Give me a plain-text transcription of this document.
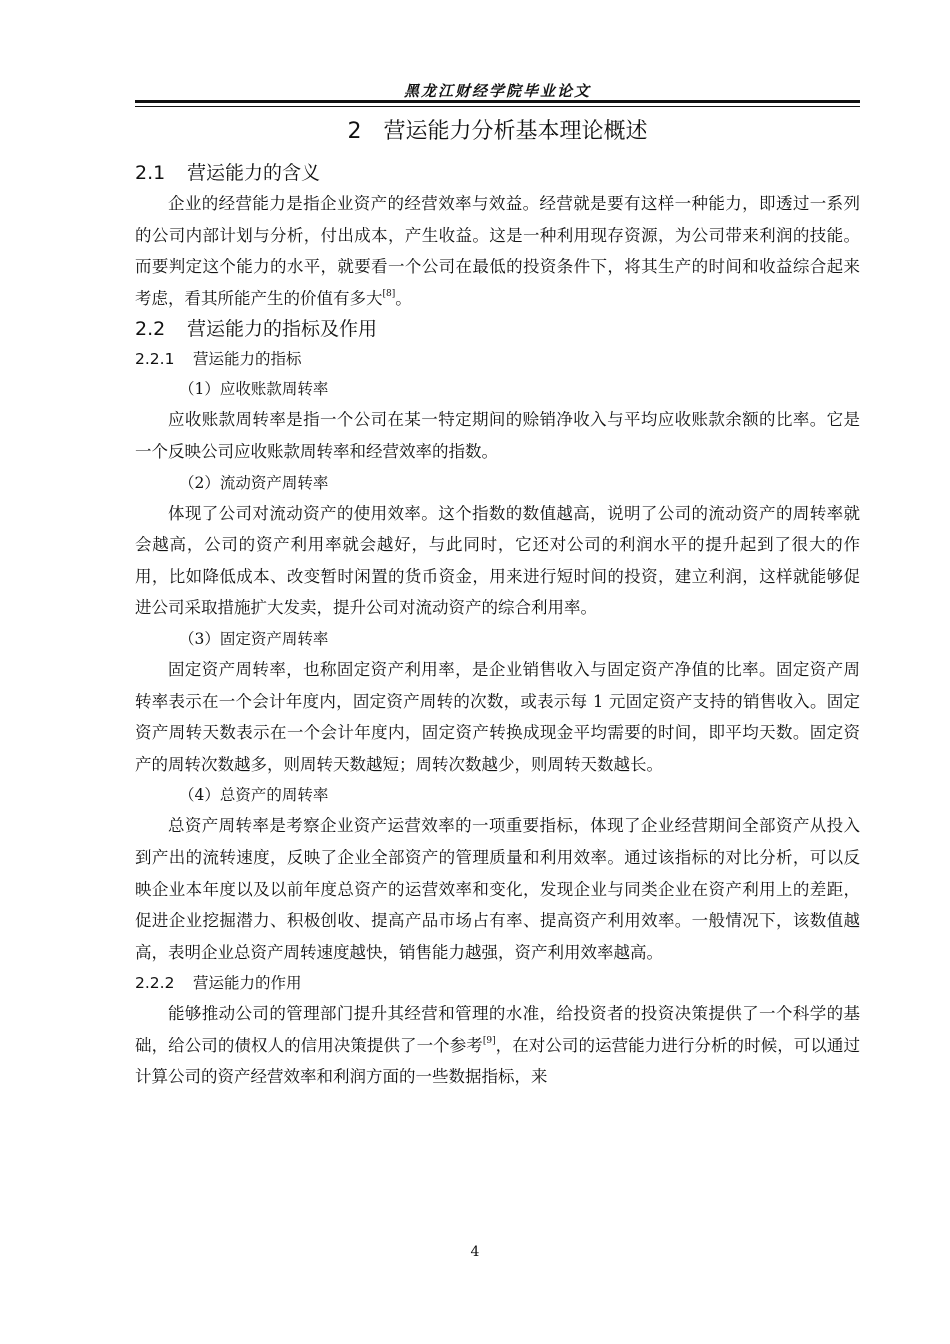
黑龙江财经学院毕业论文
2 营运能力分析基本理论概述
2.1 营运能力的含义

企业的经营能力是指企业资产的经营效率与效益。经营就是要有这样一种能力，即透过一系列的公司内部计划与分析，付出成本，产生收益。这是一种利用现存资源，为公司带来利润的技能。而要判定这个能力的水平，就要看一个公司在最低的投资条件下，将其生产的时间和收益综合起来考虑，看其所能产生的价值有多大[8]。

2.2 营运能力的指标及作用
2.2.1 营运能力的指标
（1）应收账款周转率

应收账款周转率是指一个公司在某一特定期间的赊销净收入与平均应收账款余额的比率。它是一个反映公司应收账款周转率和经营效率的指数。

（2）流动资产周转率

体现了公司对流动资产的使用效率。这个指数的数值越高，说明了公司的流动资产的周转率就会越高，公司的资产利用率就会越好，与此同时，它还对公司的利润水平的提升起到了很大的作用，比如降低成本、改变暂时闲置的货币资金，用来进行短时间的投资，建立利润，这样就能够促进公司采取措施扩大发卖，提升公司对流动资产的综合利用率。

（3）固定资产周转率

固定资产周转率，也称固定资产利用率，是企业销售收入与固定资产净值的比率。固定资产周转率表示在一个会计年度内，固定资产周转的次数，或表示每 1 元固定资产支持的销售收入。固定资产周转天数表示在一个会计年度内，固定资产转换成现金平均需要的时间，即平均天数。固定资产的周转次数越多，则周转天数越短；周转次数越少，则周转天数越长。

（4）总资产的周转率

总资产周转率是考察企业资产运营效率的一项重要指标，体现了企业经营期间全部资产从投入到产出的流转速度，反映了企业全部资产的管理质量和利用效率。通过该指标的对比分析，可以反映企业本年度以及以前年度总资产的运营效率和变化，发现企业与同类企业在资产利用上的差距，促进企业挖掘潜力、积极创收、提高产品市场占有率、提高资产利用效率。一般情况下，该数值越高，表明企业总资产周转速度越快，销售能力越强，资产利用效率越高。

2.2.2 营运能力的作用

能够推动公司的管理部门提升其经营和管理的水准，给投资者的投资决策提供了一个科学的基础，给公司的债权人的信用决策提供了一个参考[9]，在对公司的运营能力进行分析的时候，可以通过计算公司的资产经营效率和利润方面的一些数据指标，来

4
